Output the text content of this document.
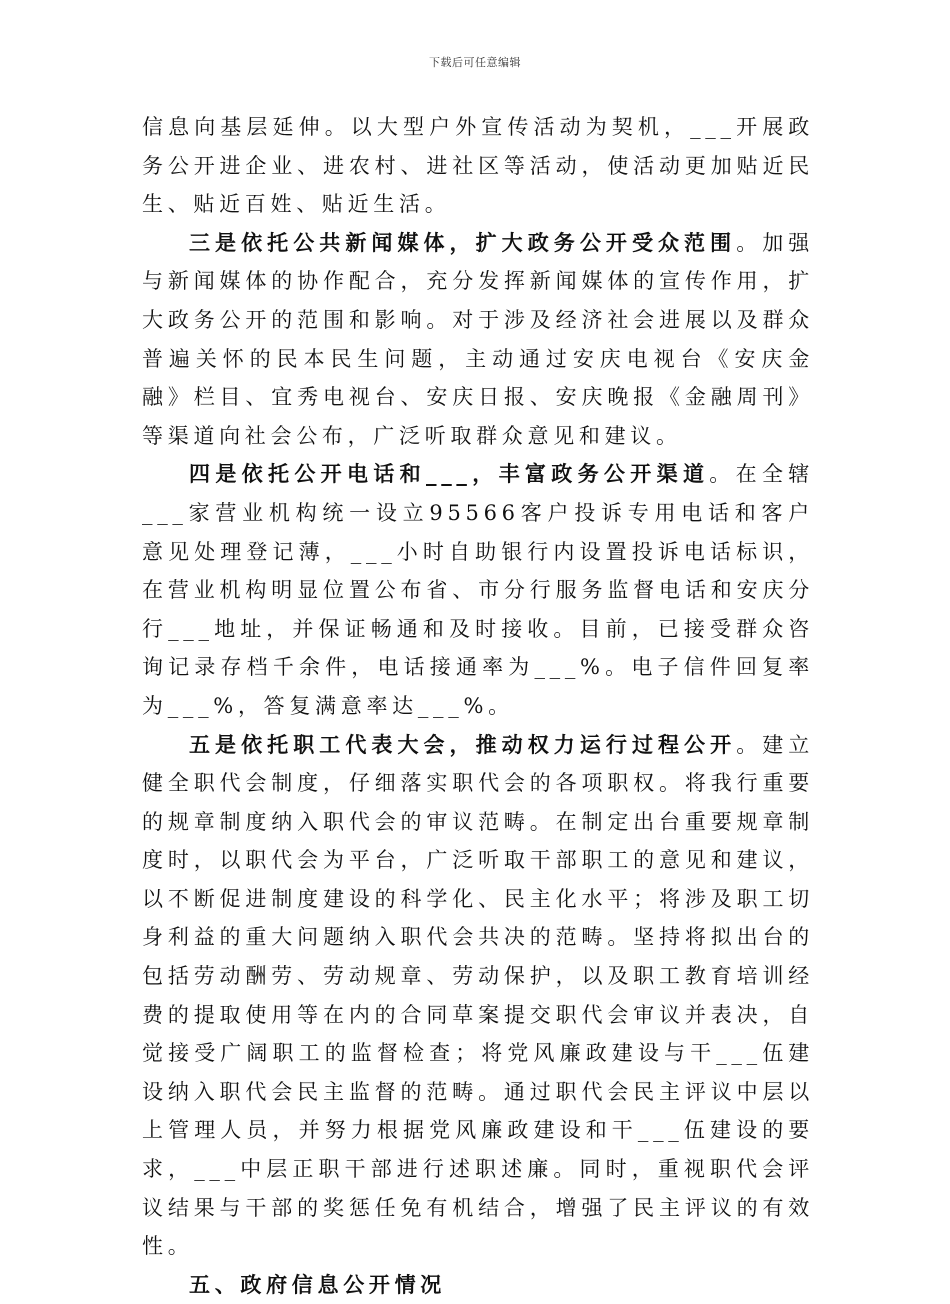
下载后可任意编辑

信息向基层延伸。以大型户外宣传活动为契机，___开展政务公开进企业、进农村、进社区等活动，使活动更加贴近民生、贴近百姓、贴近生活。

三是依托公共新闻媒体，扩大政务公开受众范围。加强与新闻媒体的协作配合，充分发挥新闻媒体的宣传作用，扩大政务公开的范围和影响。对于涉及经济社会进展以及群众普遍关怀的民本民生问题，主动通过安庆电视台《安庆金融》栏目、宜秀电视台、安庆日报、安庆晚报《金融周刊》等渠道向社会公布，广泛听取群众意见和建议。

四是依托公开电话和___，丰富政务公开渠道。在全辖___家营业机构统一设立95566客户投诉专用电话和客户意见处理登记薄，___小时自助银行内设置投诉电话标识，在营业机构明显位置公布省、市分行服务监督电话和安庆分行___地址，并保证畅通和及时接收。目前，已接受群众咨询记录存档千余件，电话接通率为___%。电子信件回复率为___%，答复满意率达___%。

五是依托职工代表大会，推动权力运行过程公开。建立健全职代会制度，仔细落实职代会的各项职权。将我行重要的规章制度纳入职代会的审议范畴。在制定出台重要规章制度时，以职代会为平台，广泛听取干部职工的意见和建议，以不断促进制度建设的科学化、民主化水平；将涉及职工切身利益的重大问题纳入职代会共决的范畴。坚持将拟出台的包括劳动酬劳、劳动规章、劳动保护，以及职工教育培训经费的提取使用等在内的合同草案提交职代会审议并表决，自觉接受广阔职工的监督检查；将党风廉政建设与干___伍建设纳入职代会民主监督的范畴。通过职代会民主评议中层以上管理人员，并努力根据党风廉政建设和干___伍建设的要求，___中层正职干部进行述职述廉。同时，重视职代会评议结果与干部的奖惩任免有机结合，增强了民主评议的有效性。

五、政府信息公开情况
